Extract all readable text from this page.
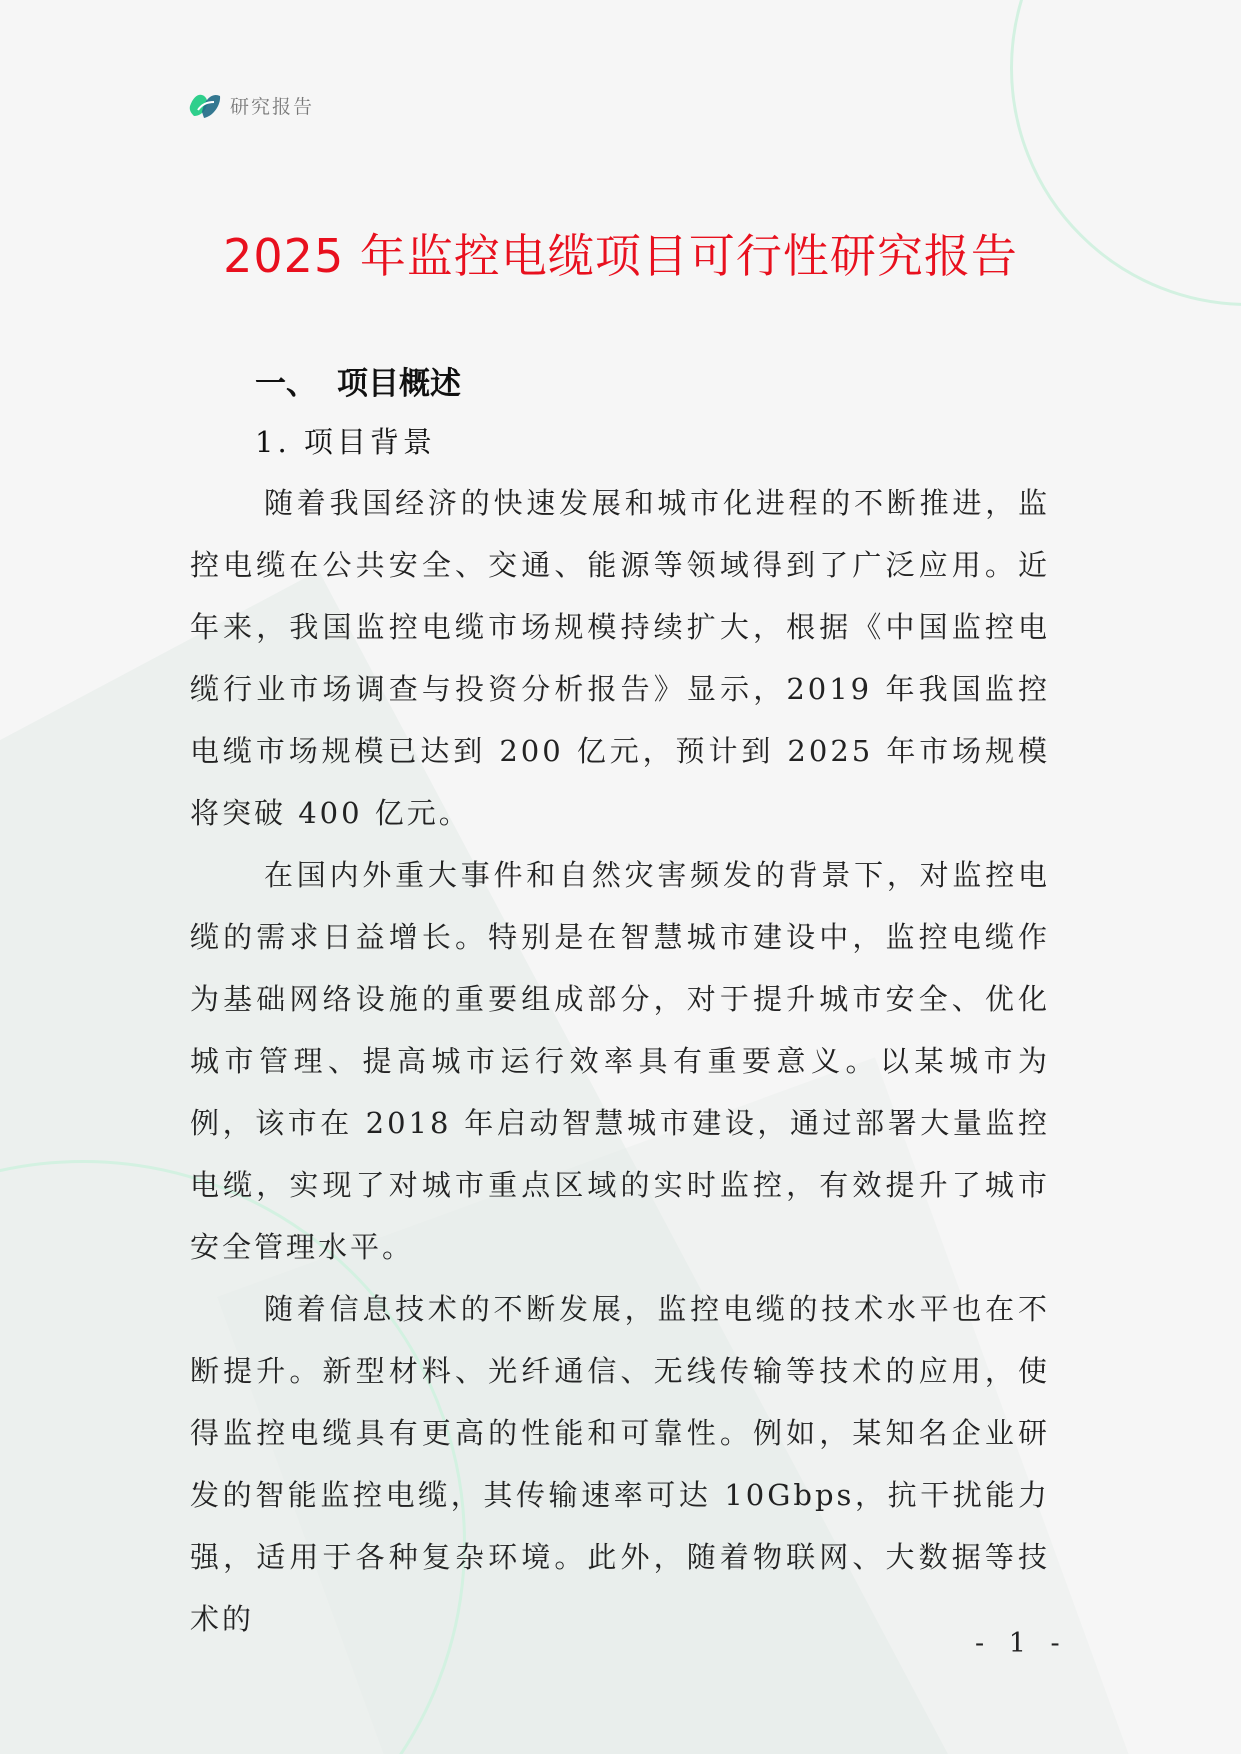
研究报告
2025 年监控电缆项目可行性研究报告
一、 项目概述
1. 项目背景

随着我国经济的快速发展和城市化进程的不断推进，监控电缆在公共安全、交通、能源等领域得到了广泛应用。近年来，我国监控电缆市场规模持续扩大，根据《中国监控电缆行业市场调查与投资分析报告》显示，2019 年我国监控电缆市场规模已达到 200 亿元，预计到 2025 年市场规模将突破 400 亿元。

在国内外重大事件和自然灾害频发的背景下，对监控电缆的需求日益增长。特别是在智慧城市建设中，监控电缆作为基础网络设施的重要组成部分，对于提升城市安全、优化城市管理、提高城市运行效率具有重要意义。以某城市为例，该市在 2018 年启动智慧城市建设，通过部署大量监控电缆，实现了对城市重点区域的实时监控，有效提升了城市安全管理水平。

随着信息技术的不断发展，监控电缆的技术水平也在不断提升。新型材料、光纤通信、无线传输等技术的应用，使得监控电缆具有更高的性能和可靠性。例如，某知名企业研发的智能监控电缆，其传输速率可达 10Gbps，抗干扰能力强，适用于各种复杂环境。此外，随着物联网、大数据等技术的

- 1 -
